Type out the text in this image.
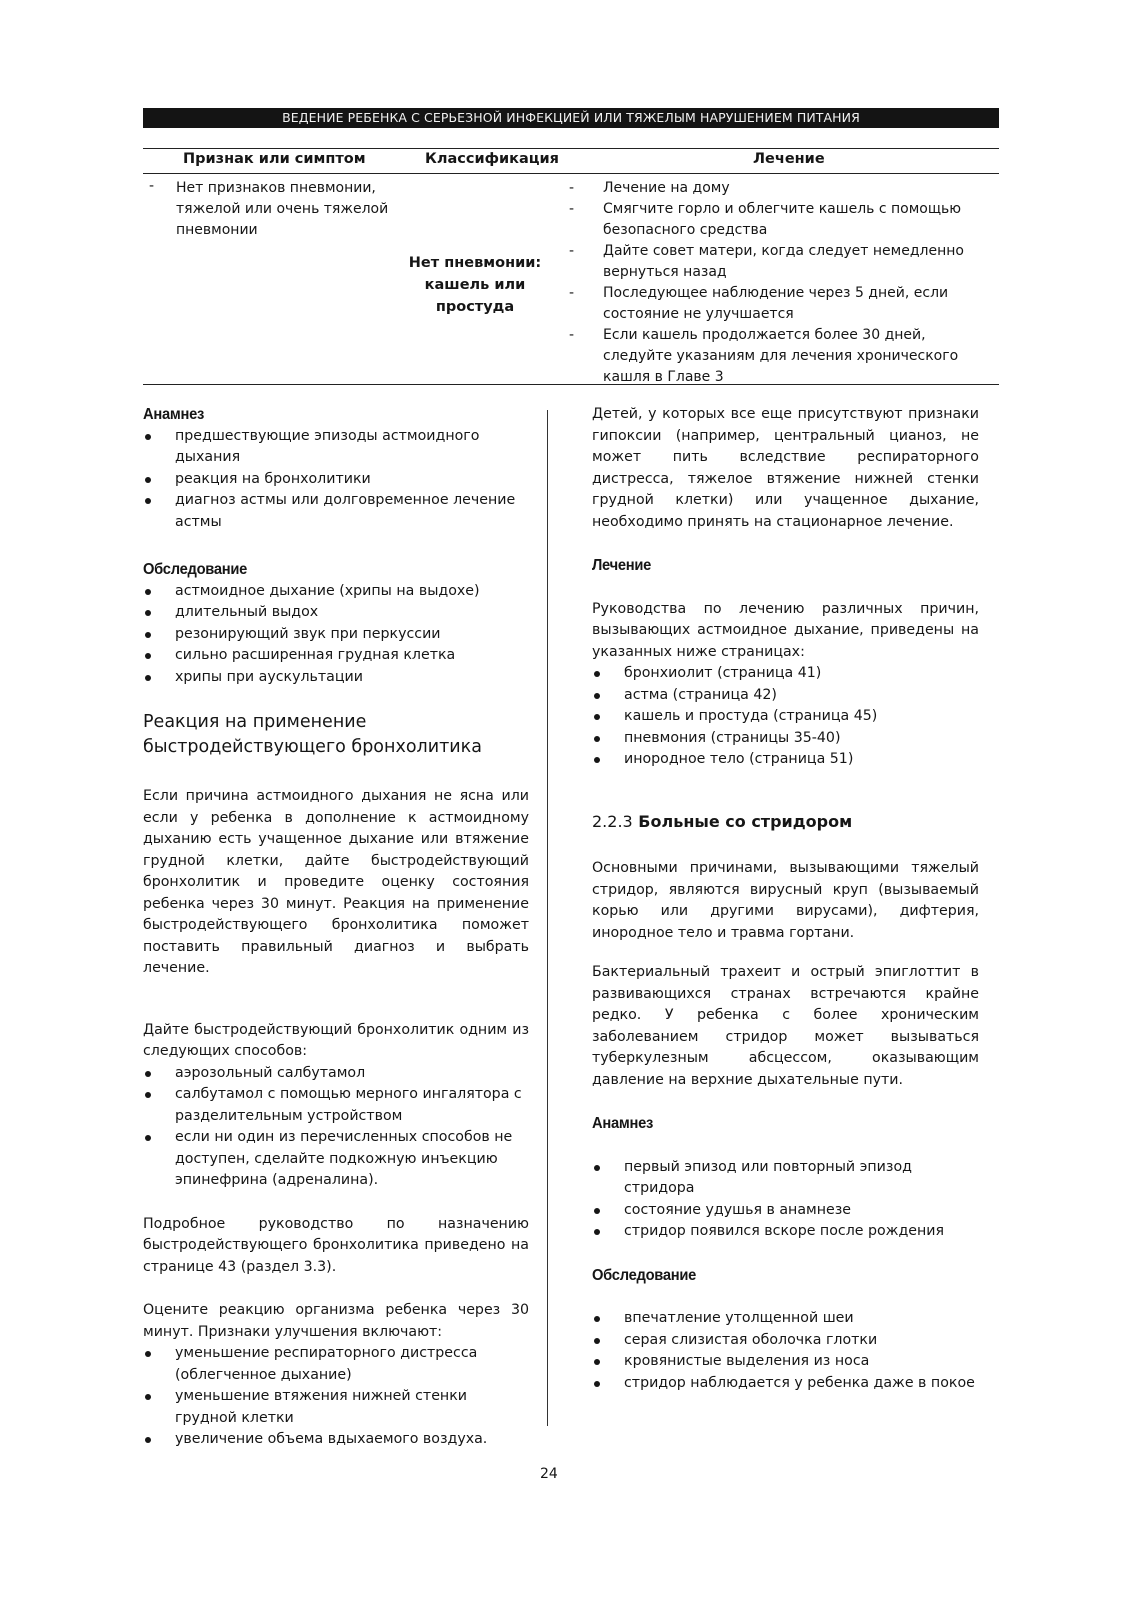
ВЕДЕНИЕ РЕБЕНКА С СЕРЬЕЗНОЙ ИНФЕКЦИЕЙ ИЛИ ТЯЖЕЛЫМ НАРУШЕНИЕМ ПИТАНИЯ
Признак или симптом	Классификация	Лечение
- Нет признаков пневмонии, тяжелой или очень тяжелой пневмонии
Нет пневмонии: кашель или простуда
- Лечение на дому
- Смягчите горло и облегчите кашель с помощью безопасного средства
- Дайте совет матери, когда следует немедленно вернуться назад
- Последующее наблюдение через 5 дней, если состояние не улучшается
- Если кашель продолжается более 30 дней, следуйте указаниям для лечения хронического кашля в Главе 3
Анамнез
предшествующие эпизоды астмоидного дыхания
реакция на бронхолитики
диагноз астмы или долговременное лечение астмы
Обследование
астмоидное дыхание (хрипы на выдохе)
длительный выдох
резонирующий звук при перкуссии
сильно расширенная грудная клетка
хрипы при аускультации
Реакция на применение быстродействующего бронхолитика

Если причина астмоидного дыхания не ясна или если у ребенка в дополнение к астмоидному дыханию есть учащенное дыхание или втяжение грудной клетки, дайте быстродействующий бронхолитик и проведите оценку состояния ребенка через 30 минут. Реакция на применение быстродействующего бронхолитика поможет поставить правильный диагноз и выбрать лечение.

Дайте быстродействующий бронхолитик одним из следующих способов:

аэрозольный салбутамол
салбутамол с помощью мерного ингалятора с разделительным устройством
если ни один из перечисленных способов не доступен, сделайте подкожную инъекцию эпинефрина (адреналина).

Подробное руководство по назначению быстродействующего бронхолитика приведено на странице 43 (раздел 3.3).

Оцените реакцию организма ребенка через 30 минут. Признаки улучшения включают:

уменьшение респираторного дистресса (облегченное дыхание)
уменьшение втяжения нижней стенки грудной клетки
увеличение объема вдыхаемого воздуха.

Детей, у которых все еще присутствуют признаки гипоксии (например, центральный цианоз, не может пить вследствие респираторного дистресса, тяжелое втяжение нижней стенки грудной клетки) или учащенное дыхание, необходимо принять на стационарное лечение.

Лечение

Руководства по лечению различных причин, вызывающих астмоидное дыхание, приведены на указанных ниже страницах:

бронхиолит (страница 41)
астма (страница 42)
кашель и простуда (страница 45)
пневмония (страницы 35-40)
инородное тело (страница 51)
2.2.3 Больные со стридором

Основными причинами, вызывающими тяжелый стридор, являются вирусный круп (вызываемый корью или другими вирусами), дифтерия, инородное тело и травма гортани.

Бактериальный трахеит и острый эпиглоттит в развивающихся странах встречаются крайне редко. У ребенка с более хроническим заболеванием стридор может вызываться туберкулезным абсцессом, оказывающим давление на верхние дыхательные пути.

Анамнез
первый эпизод или повторный эпизод стридора
состояние удушья в анамнезе
стридор появился вскоре после рождения
Обследование
впечатление утолщенной шеи
серая слизистая оболочка глотки
кровянистые выделения из носа
стридор наблюдается у ребенка даже в покое
24
